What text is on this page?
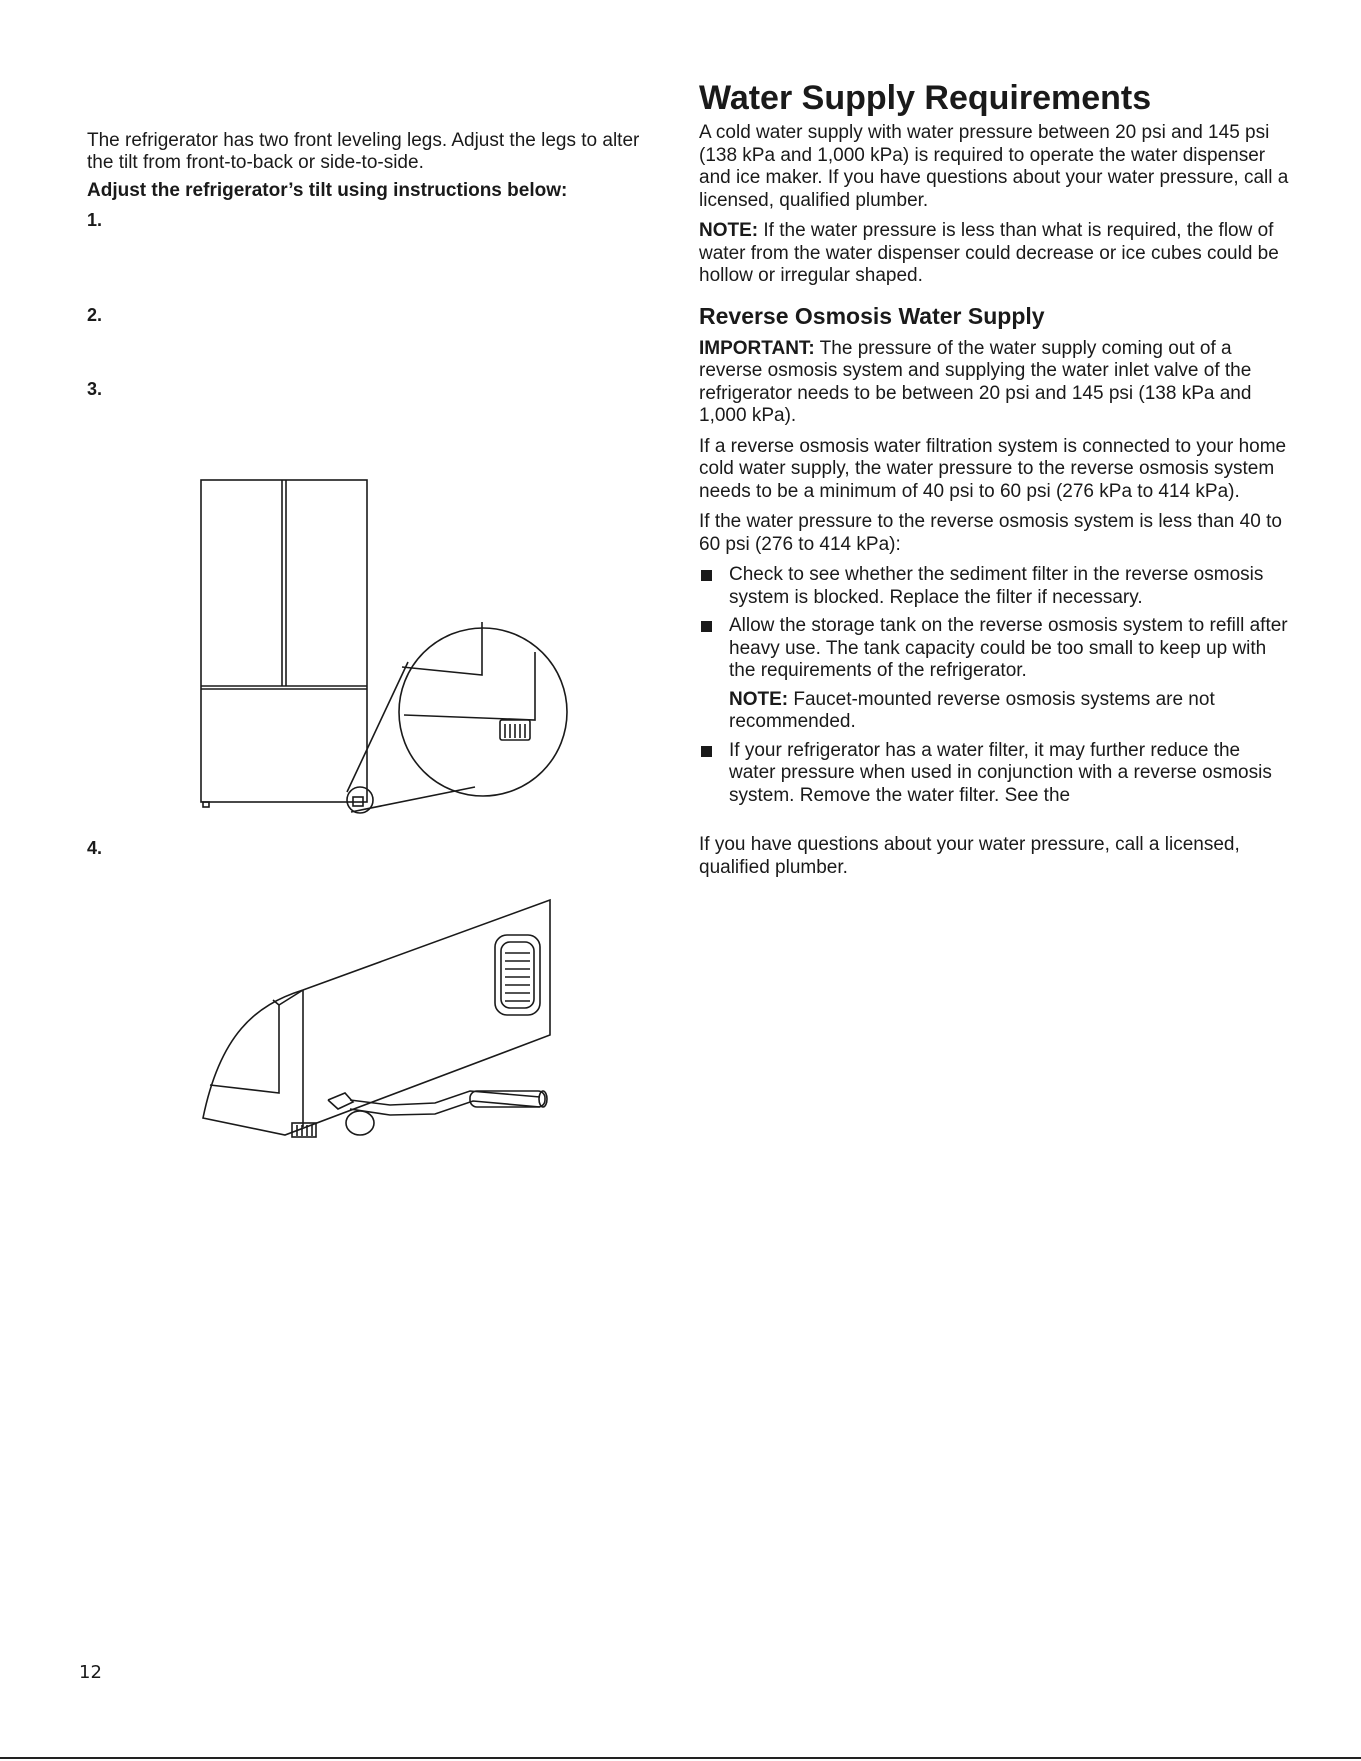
The refrigerator has two front leveling legs. Adjust the legs to alter the tilt from front-to-back or side-to-side.

Adjust the refrigerator’s tilt using instructions below:

1.
2.
3.
4.
Water Supply Requirements

A cold water supply with water pressure between 20 psi and 145 psi (138 kPa and 1,000 kPa) is required to operate the water dispenser and ice maker. If you have questions about your water pressure, call a licensed, qualified plumber.

NOTE: If the water pressure is less than what is required, the flow of water from the water dispenser could decrease or ice cubes could be hollow or irregular shaped.

Reverse Osmosis Water Supply

IMPORTANT: The pressure of the water supply coming out of a reverse osmosis system and supplying the water inlet valve of the refrigerator needs to be between 20 psi and 145 psi (138 kPa and 1,000 kPa).

If a reverse osmosis water filtration system is connected to your home cold water supply, the water pressure to the reverse osmosis system needs to be a minimum of 40 psi to 60 psi (276 kPa to 414 kPa).

If the water pressure to the reverse osmosis system is less than 40 to 60 psi (276 to 414 kPa):

Check to see whether the sediment filter in the reverse osmosis system is blocked. Replace the filter if necessary.
Allow the storage tank on the reverse osmosis system to refill after heavy use. The tank capacity could be too small to keep up with the requirements of the refrigerator.

NOTE: Faucet-mounted reverse osmosis systems are not recommended.

If your refrigerator has a water filter, it may further reduce the water pressure when used in conjunction with a reverse osmosis system. Remove the water filter. See the

If you have questions about your water pressure, call a licensed, qualified plumber.

12
